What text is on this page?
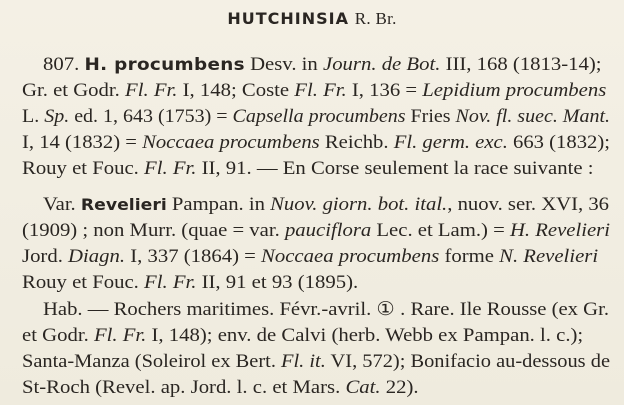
HUTCHINSIA R. Br.
807. H. procumbens Desv. in Journ. de Bot. III, 168 (1813-14);
Gr. et Godr. Fl. Fr. I, 148; Coste Fl. Fr. I, 136 = Lepidium procumbens
L. Sp. ed. 1, 643 (1753) = Capsella procumbens Fries Nov. fl. suec. Mant.
I, 14 (1832) = Noccaea procumbens Reichb. Fl. germ. exc. 663 (1832);
Rouy et Fouc. Fl. Fr. II, 91. — En Corse seulement la race suivante :
Var. Revelieri Pampan. in Nuov. giorn. bot. ital., nuov. ser. XVI, 36
(1909) ; non Murr. (quae = var. pauciflora Lec. et Lam.) = H. Revelieri
Jord. Diagn. I, 337 (1864) = Noccaea procumbens forme N. Revelieri
Rouy et Fouc. Fl. Fr. II, 91 et 93 (1895).
Hab. — Rochers maritimes. Févr.-avril. ① . Rare. Ile Rousse (ex Gr.
et Godr. Fl. Fr. I, 148); env. de Calvi (herb. Webb ex Pampan. l. c.);
Santa-Manza (Soleirol ex Bert. Fl. it. VI, 572); Bonifacio au-dessous de
St-Roch (Revel. ap. Jord. l. c. et Mars. Cat. 22).
